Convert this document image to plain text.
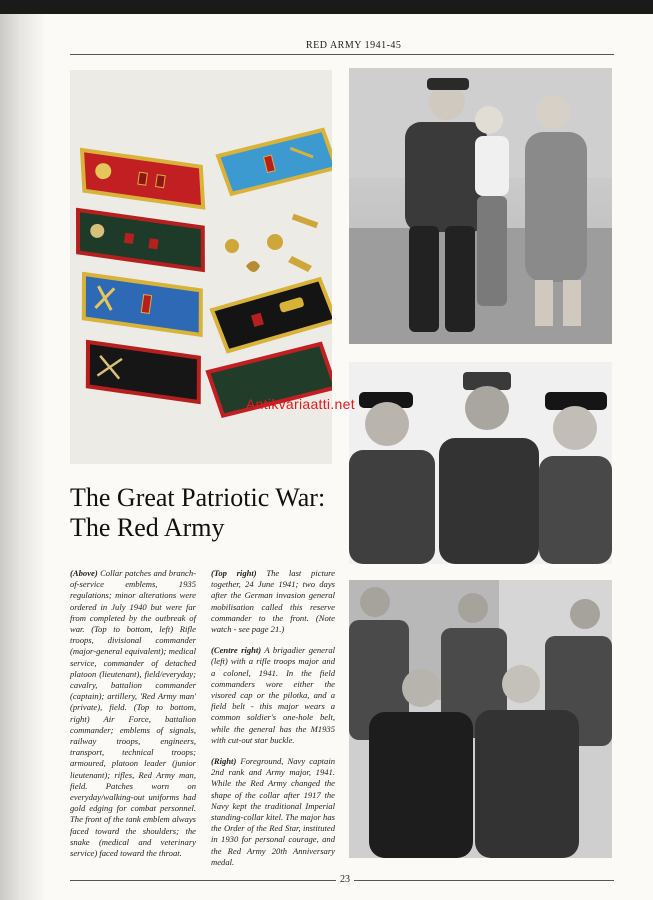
RED ARMY 1941-45
Antikvariaatti.net
The Great Patriotic War:
The Red Army

(Above) Collar patches and branch-of-service emblems, 1935 regulations; minor alterations were ordered in July 1940 but were far from completed by the outbreak of war. (Top to bottom, left) Rifle troops, divisional commander (major-general equivalent); medical service, commander of detached platoon (lieutenant), field/everyday; cavalry, battalion commander (captain); artillery, 'Red Army man' (private), field. (Top to bottom, right) Air Force, battalion commander; emblems of signals, railway troops, engineers, transport, technical troops; armoured, platoon leader (junior lieutenant); rifles, Red Army man, field. Patches worn on everyday/walking-out uniforms had gold edging for combat personnel. The front of the tank emblem always faced toward the shoulders; the snake (medical and veterinary service) faced toward the throat.

(Top right) The last picture together, 24 June 1941; two days after the German invasion general mobilisation called this reserve commander to the front. (Note watch - see page 21.)

(Centre right) A brigadier general (left) with a rifle troops major and a colonel, 1941. In the field commanders wore either the visored cap or the pilotka, and a field belt - this major wears a common soldier's one-hole belt, while the general has the M1935 with cut-out star buckle.

(Right) Foreground, Navy captain 2nd rank and Army major, 1941. While the Red Army changed the shape of the collar after 1917 the Navy kept the traditional Imperial standing-collar kitel. The major has the Order of the Red Star, instituted in 1930 for personal courage, and the Red Army 20th Anniversary medal.

23
